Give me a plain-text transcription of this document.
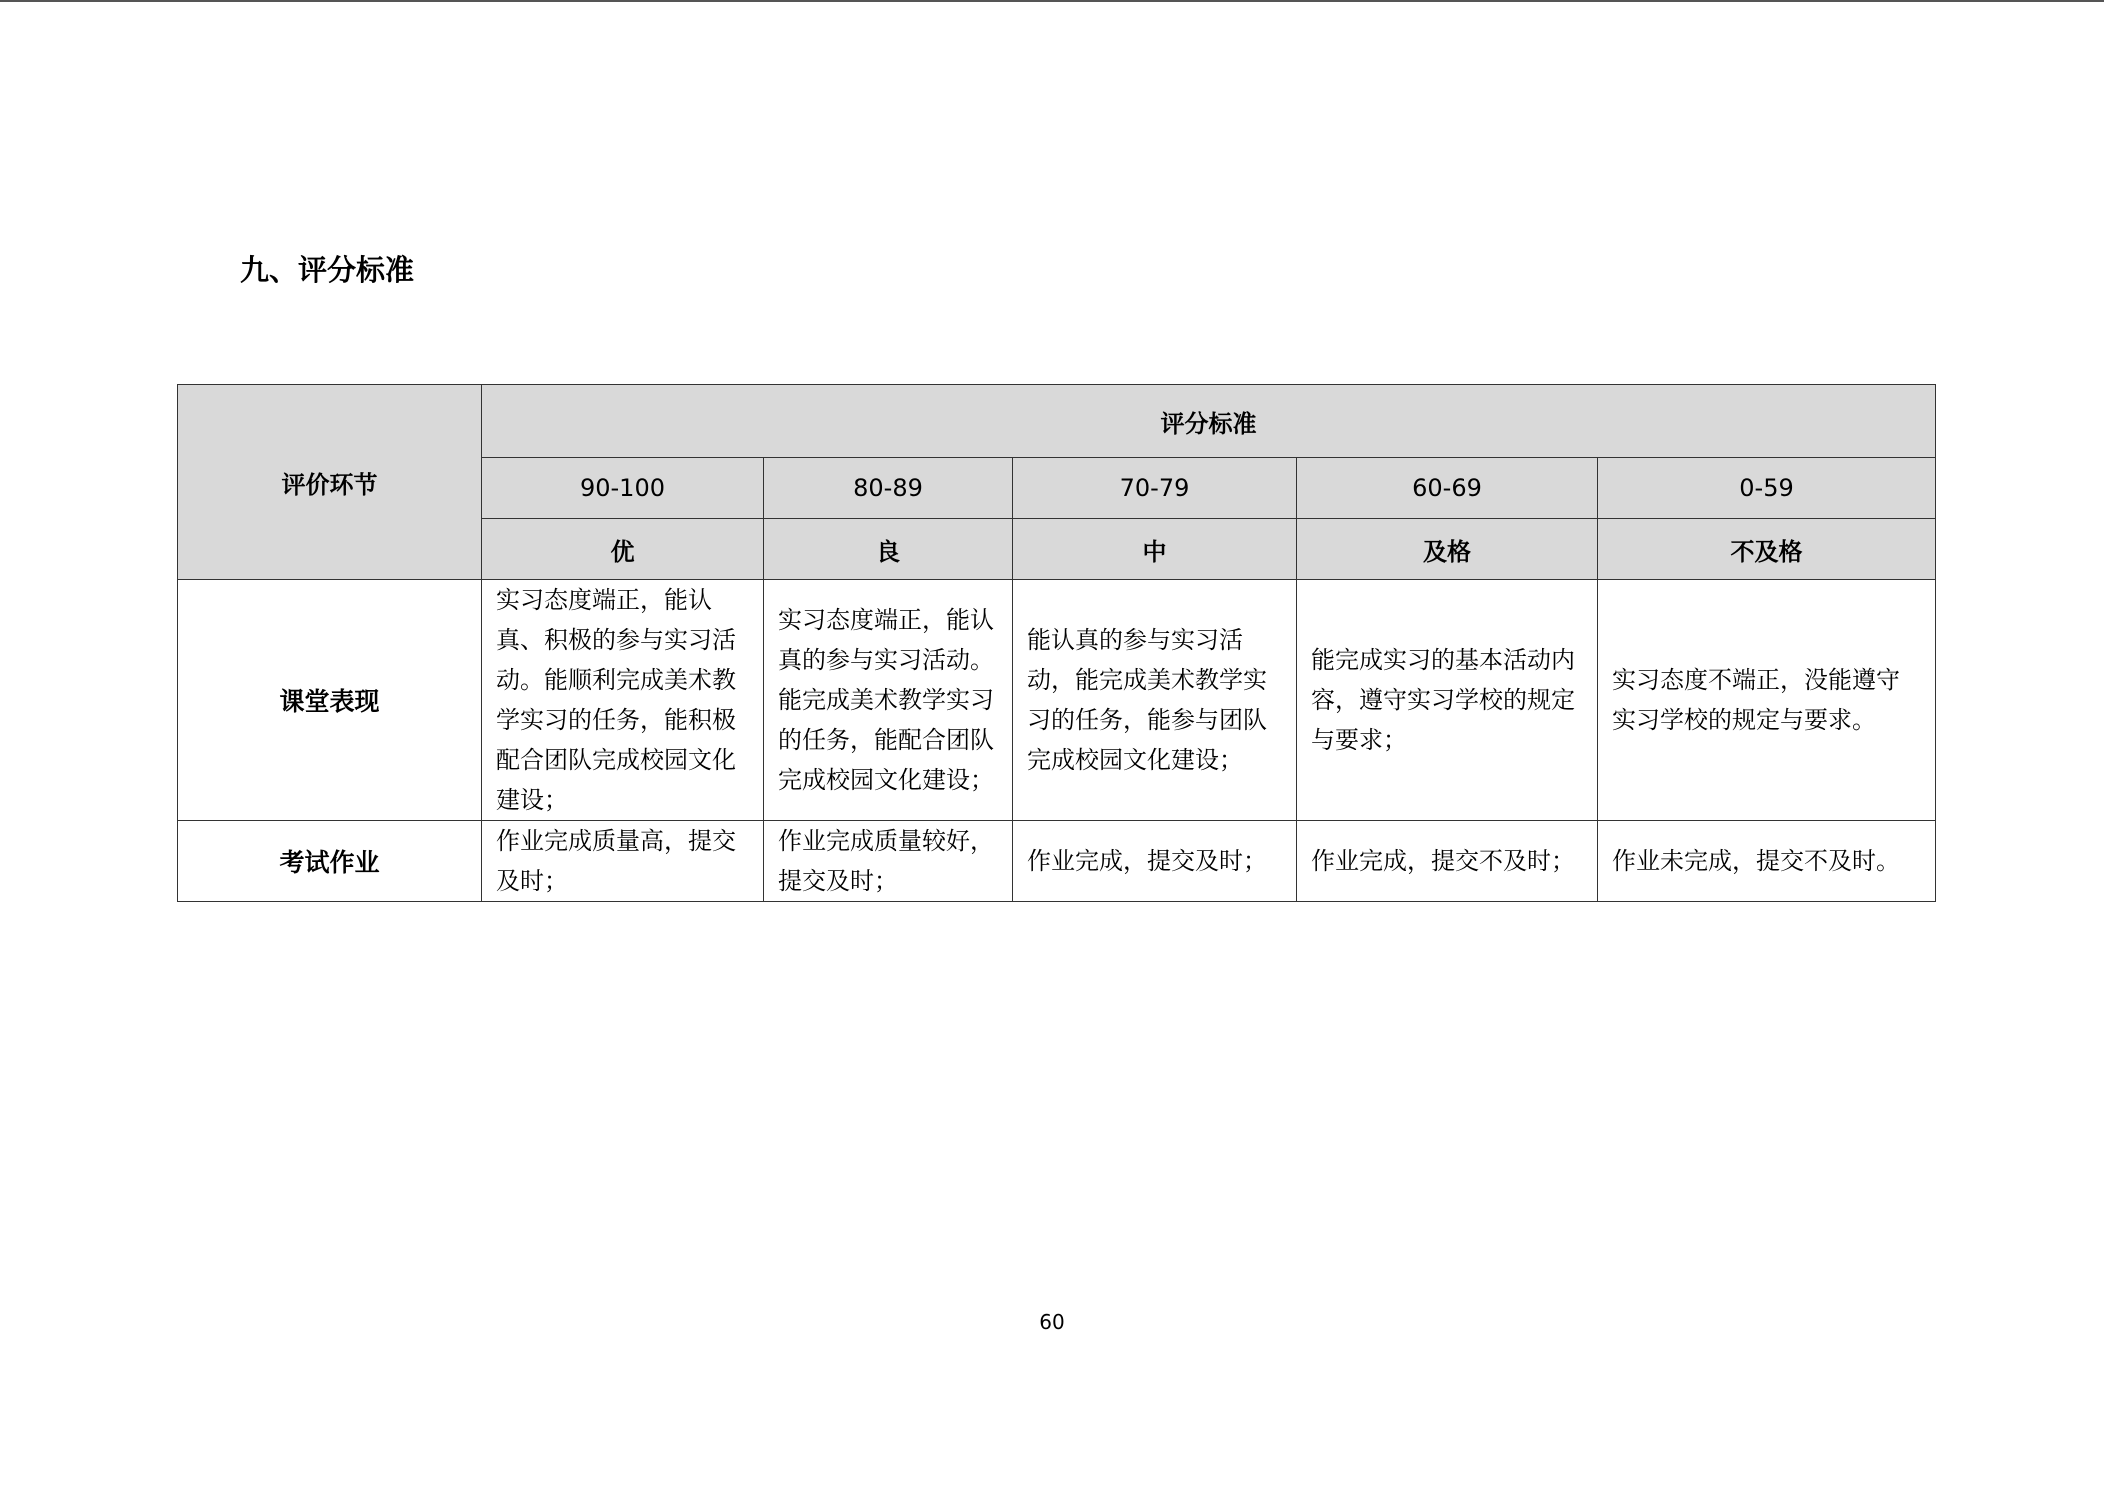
九、评分标准
评价环节	评分标准				
	90-100	80-89	70-79	60-69	0-59
	优	良	中	及格	不及格
课堂表现	实习态度端正，能认真、积极的参与实习活动。能顺利完成美术教学实习的任务，能积极配合团队完成校园文化建设；	实习态度端正，能认真的参与实习活动。能完成美术教学实习的任务，能配合团队完成校园文化建设；	能认真的参与实习活动，能完成美术教学实习的任务，能参与团队完成校园文化建设；	能完成实习的基本活动内容，遵守实习学校的规定与要求；	实习态度不端正，没能遵守实习学校的规定与要求。
考试作业	作业完成质量高，提交及时；	作业完成质量较好，提交及时；	作业完成，提交及时；	作业完成，提交不及时；	作业未完成，提交不及时。
60
